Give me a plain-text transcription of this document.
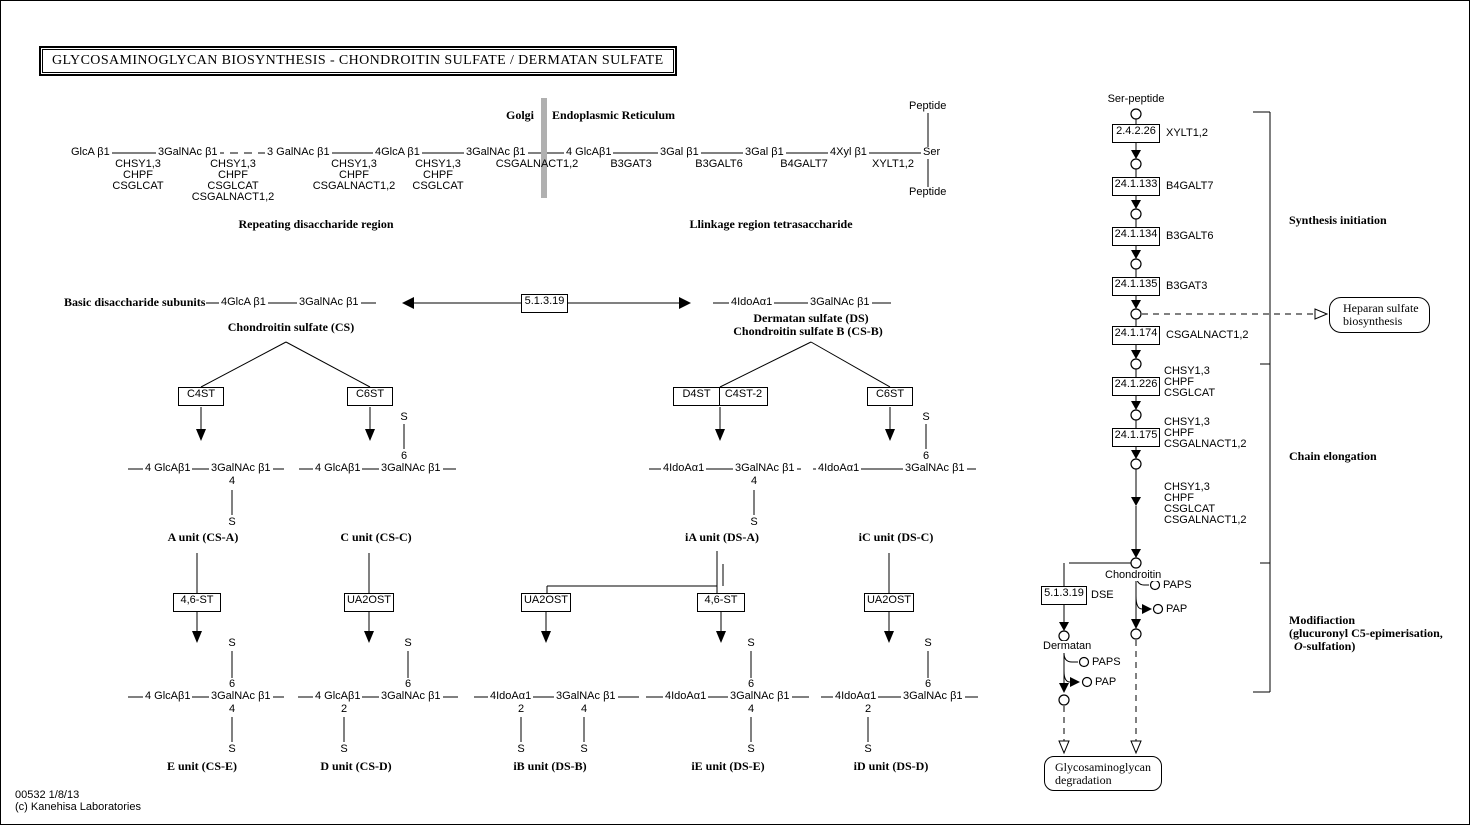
GLYCOSAMINOGLYCAN BIOSYNTHESIS - CHONDROITIN SULFATE / DERMATAN SULFATE
00532 1/8/13
(c) Kanehisa Laboratories
Golgi Endoplasmic Reticulum
Peptide
Peptide
GlcA β1	3GalNAc β1	3 GalNAc β1	4GlcA β1	3GalNAc β1	4 GlcAβ1	3Gal β1	3Gal β1	4Xyl β1	Ser
CHSY1,3
CHPF
CSGLCAT
CHSY1,3
CHPF
CSGLCAT
CSGALNACT1,2
CHSY1,3
CHPF
CSGALNACT1,2
CHSY1,3
CHPF
CSGLCAT
CSGALNACT1,2	B3GAT3	B3GALT6	B4GALT7	XYLT1,2
Repeating disaccharide region	Llinkage region tetrasaccharide
Basic disaccharide subunits 4GlcA β1	3GalNAc β1	5.1.3.19	4IdoAα1	3GalNAc β1
Chondroitin sulfate (CS)
Dermatan sulfate (DS)
Chondroitin sulfate B (CS-B)
C4ST	C6ST	D4ST	C4ST-2	C6ST
4 GlcAβ1 3GalNAc β1
4
S
A unit (CS-A)
4 GlcAβ1 3GalNAc β1
S
6
C unit (CS-C)
4IdoAα1	3GalNAc β1
4
S
iA unit (DS-A)
4IdoAα1	3GalNAc β1
S
6
iC unit (DS-C)
4,6-ST	UA2OST	UA2OST	4,6-ST	UA2OST
4 GlcAβ1 3GalNAc β1
S
6
4
S
E unit (CS-E)
4 GlcAβ1 3GalNAc β1
2
S
6
S
D unit (CS-D)
4IdoAα1 3GalNAc β1
2
S
4
S
iB unit (DS-B)
4IdoAα1 3GalNAc β1
6
S
4
S
iE unit (DS-E)
4IdoAα1 3GalNAc β1
2
S
6
S
iD unit (DS-D)
Ser-peptide
2.4.2.26 XYLT1,2
24.1.133 B4GALT7
24.1.134 B3GALT6
24.1.135 B3GAT3
24.1.174 CSGALNACT1,2
24.1.226
CHSY1,3
CHPF
CSGLCAT
24.1.175
CHSY1,3
CHPF
CSGALNACT1,2
CHSY1,3
CHPF
CSGLCAT
CSGALNACT1,2
Chondroitin
5.1.3.19 DSE
Dermatan
PAPS
PAP
PAPS
PAP
Synthesis initiation
Chain elongation
Modifiaction
(glucuronyl C5-epimerisation,
O-sulfation)
Heparan sulfate
biosynthesis
Glycosaminoglycan
degradation
